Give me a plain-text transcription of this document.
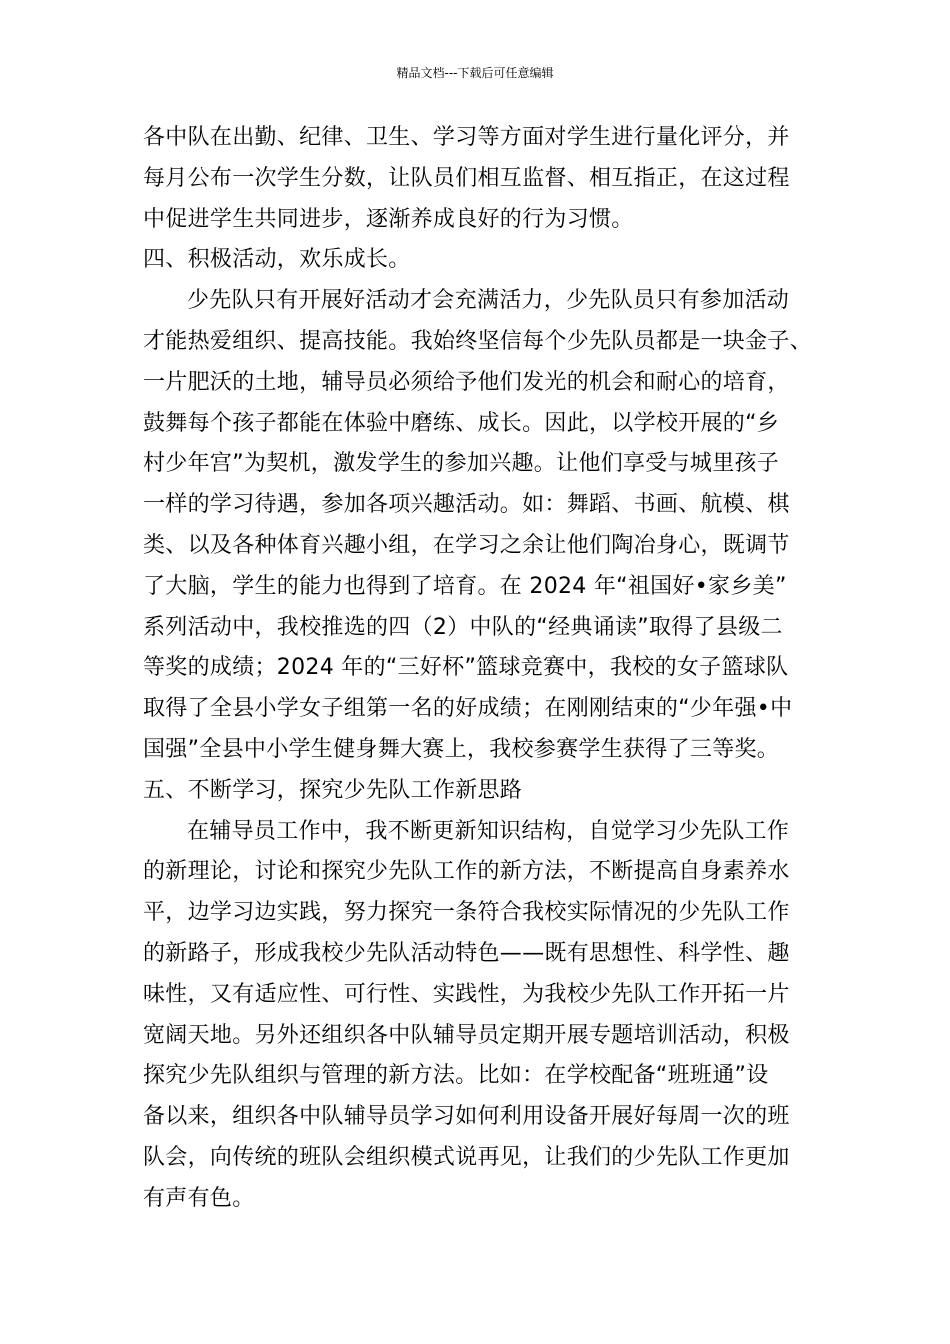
精品文档---下载后可任意编辑
各中队在出勤、纪律、卫生、学习等方面对学生进行量化评分，并
每月公布一次学生分数，让队员们相互监督、相互指正，在这过程
中促进学生共同进步，逐渐养成良好的行为习惯。
四、积极活动，欢乐成长。
少先队只有开展好活动才会充满活力，少先队员只有参加活动
才能热爱组织、提高技能。我始终坚信每个少先队员都是一块金子、
一片肥沃的土地，辅导员必须给予他们发光的机会和耐心的培育，
鼓舞每个孩子都能在体验中磨练、成长。因此，以学校开展的“乡
村少年宫”为契机，激发学生的参加兴趣。让他们享受与城里孩子
一样的学习待遇，参加各项兴趣活动。如：舞蹈、书画、航模、棋
类、以及各种体育兴趣小组，在学习之余让他们陶冶身心，既调节
了大脑，学生的能力也得到了培育。在 2024 年“祖国好•家乡美”
系列活动中，我校推选的四（2）中队的“经典诵读”取得了县级二
等奖的成绩；2024 年的“三好杯”篮球竞赛中，我校的女子篮球队
取得了全县小学女子组第一名的好成绩；在刚刚结束的“少年强•中
国强”全县中小学生健身舞大赛上，我校参赛学生获得了三等奖。
五、不断学习，探究少先队工作新思路
在辅导员工作中，我不断更新知识结构，自觉学习少先队工作
的新理论，讨论和探究少先队工作的新方法，不断提高自身素养水
平，边学习边实践，努力探究一条符合我校实际情况的少先队工作
的新路子，形成我校少先队活动特色——既有思想性、科学性、趣
味性，又有适应性、可行性、实践性，为我校少先队工作开拓一片
宽阔天地。另外还组织各中队辅导员定期开展专题培训活动，积极
探究少先队组织与管理的新方法。比如：在学校配备“班班通”设
备以来，组织各中队辅导员学习如何利用设备开展好每周一次的班
队会，向传统的班队会组织模式说再见，让我们的少先队工作更加
有声有色。
